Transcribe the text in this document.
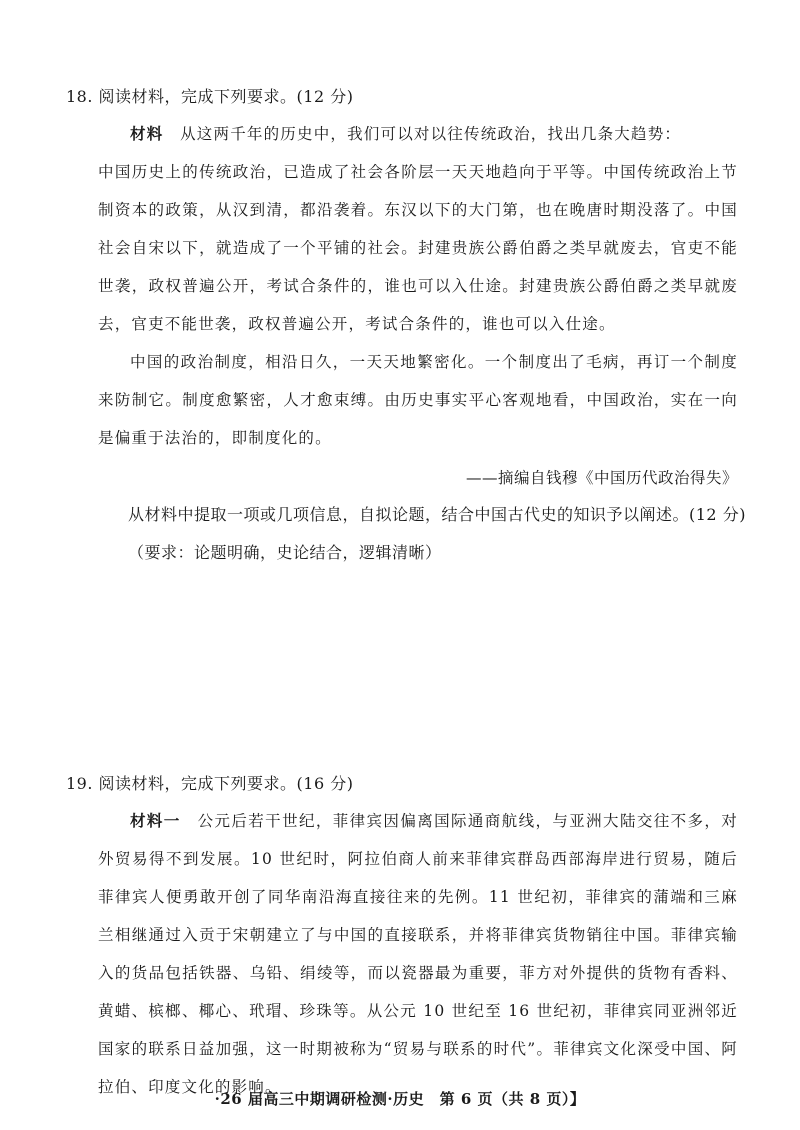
18. 阅读材料，完成下列要求。(12 分)

材料　 从这两千年的历史中，我们可以对以往传统政治，找出几条大趋势：

中国历史上的传统政治，已造成了社会各阶层一天天地趋向于平等。中国传统政治上节制资本的政策，从汉到清，都沿袭着。东汉以下的大门第，也在晚唐时期没落了。中国社会自宋以下，就造成了一个平铺的社会。封建贵族公爵伯爵之类早就废去，官吏不能世袭，政权普遍公开，考试合条件的，谁也可以入仕途。封建贵族公爵伯爵之类早就废去，官吏不能世袭，政权普遍公开，考试合条件的，谁也可以入仕途。

中国的政治制度，相沿日久，一天天地繁密化。一个制度出了毛病，再订一个制度来防制它。制度愈繁密，人才愈束缚。由历史事实平心客观地看，中国政治，实在一向是偏重于法治的，即制度化的。

——摘编自钱穆《中国历代政治得失》
从材料中提取一项或几项信息，自拟论题，结合中国古代史的知识予以阐述。(12 分)
（要求：论题明确，史论结合，逻辑清晰）
19. 阅读材料，完成下列要求。(16 分)

材料一　 公元后若干世纪，菲律宾因偏离国际通商航线，与亚洲大陆交往不多，对外贸易得不到发展。10 世纪时，阿拉伯商人前来菲律宾群岛西部海岸进行贸易，随后菲律宾人便勇敢开创了同华南沿海直接往来的先例。11 世纪初，菲律宾的蒲端和三麻兰相继通过入贡于宋朝建立了与中国的直接联系，并将菲律宾货物销往中国。菲律宾输入的货品包括铁器、乌铅、绢绫等，而以瓷器最为重要，菲方对外提供的货物有香料、黄蜡、槟榔、椰心、玳瑁、珍珠等。从公元 10 世纪至 16 世纪初，菲律宾同亚洲邻近国家的联系日益加强，这一时期被称为“贸易与联系的时代”。菲律宾文化深受中国、阿拉伯、印度文化的影响。

·26 届高三中期调研检测·历史　第 6 页（共 8 页）】
